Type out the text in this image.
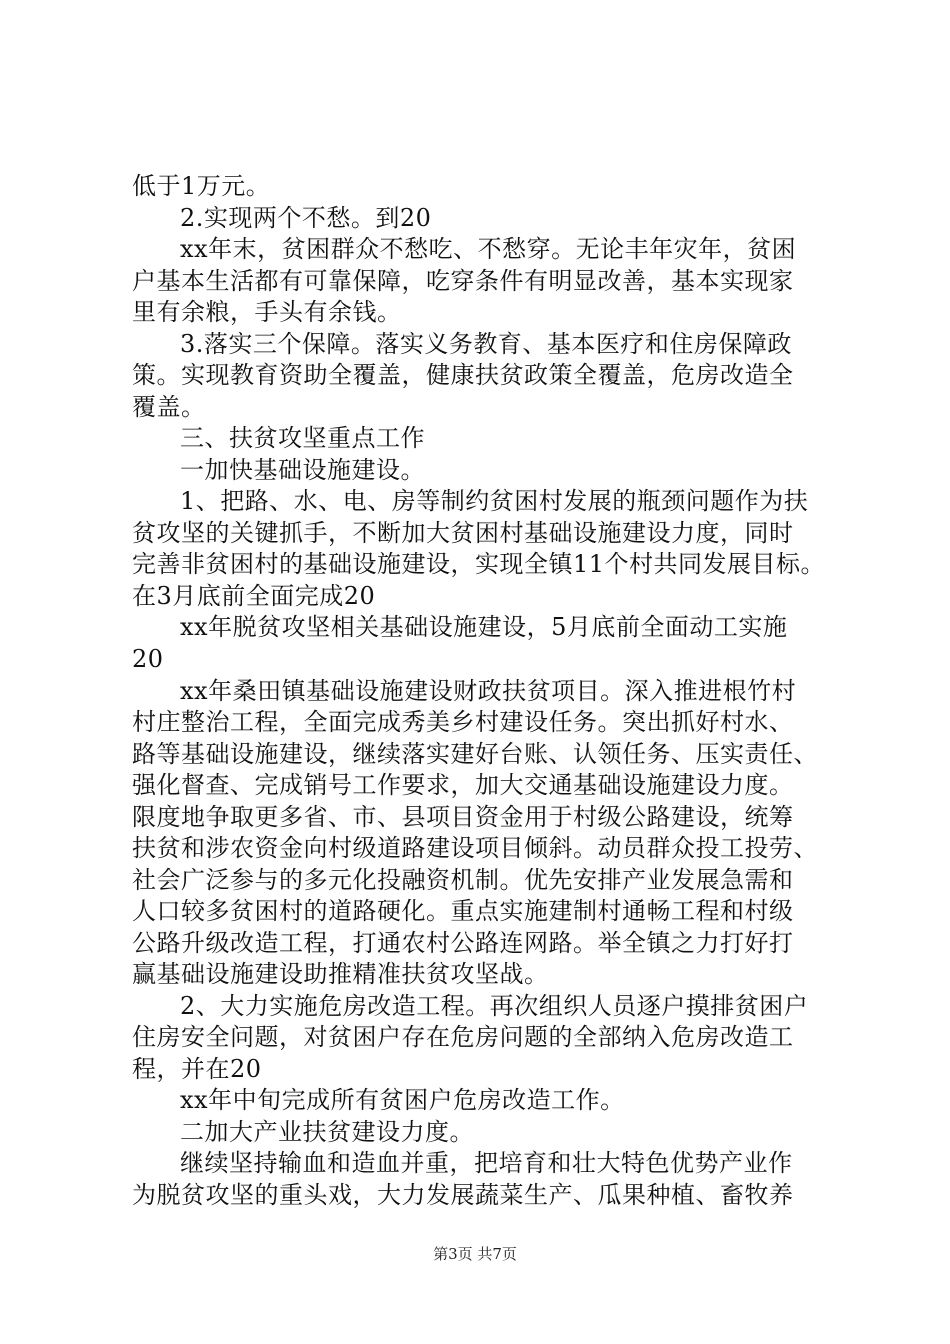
低于1万元。
2.实现两个不愁。到20
xx年末，贫困群众不愁吃、不愁穿。无论丰年灾年，贫困
户基本生活都有可靠保障，吃穿条件有明显改善，基本实现家
里有余粮，手头有余钱。
3.落实三个保障。落实义务教育、基本医疗和住房保障政
策。实现教育资助全覆盖，健康扶贫政策全覆盖，危房改造全
覆盖。
三、扶贫攻坚重点工作
一加快基础设施建设。
1、把路、水、电、房等制约贫困村发展的瓶颈问题作为扶
贫攻坚的关键抓手，不断加大贫困村基础设施建设力度，同时
完善非贫困村的基础设施建设，实现全镇11个村共同发展目标。
在3月底前全面完成20
xx年脱贫攻坚相关基础设施建设，5月底前全面动工实施
20
xx年桑田镇基础设施建设财政扶贫项目。深入推进根竹村
村庄整治工程，全面完成秀美乡村建设任务。突出抓好村水、
路等基础设施建设，继续落实建好台账、认领任务、压实责任、
强化督查、完成销号工作要求，加大交通基础设施建设力度。
限度地争取更多省、市、县项目资金用于村级公路建设，统筹
扶贫和涉农资金向村级道路建设项目倾斜。动员群众投工投劳、
社会广泛参与的多元化投融资机制。优先安排产业发展急需和
人口较多贫困村的道路硬化。重点实施建制村通畅工程和村级
公路升级改造工程，打通农村公路连网路。举全镇之力打好打
赢基础设施建设助推精准扶贫攻坚战。
2、大力实施危房改造工程。再次组织人员逐户摸排贫困户
住房安全问题，对贫困户存在危房问题的全部纳入危房改造工
程，并在20
xx年中旬完成所有贫困户危房改造工作。
二加大产业扶贫建设力度。
继续坚持输血和造血并重，把培育和壮大特色优势产业作
为脱贫攻坚的重头戏，大力发展蔬菜生产、瓜果种植、畜牧养
第3页 共7页
